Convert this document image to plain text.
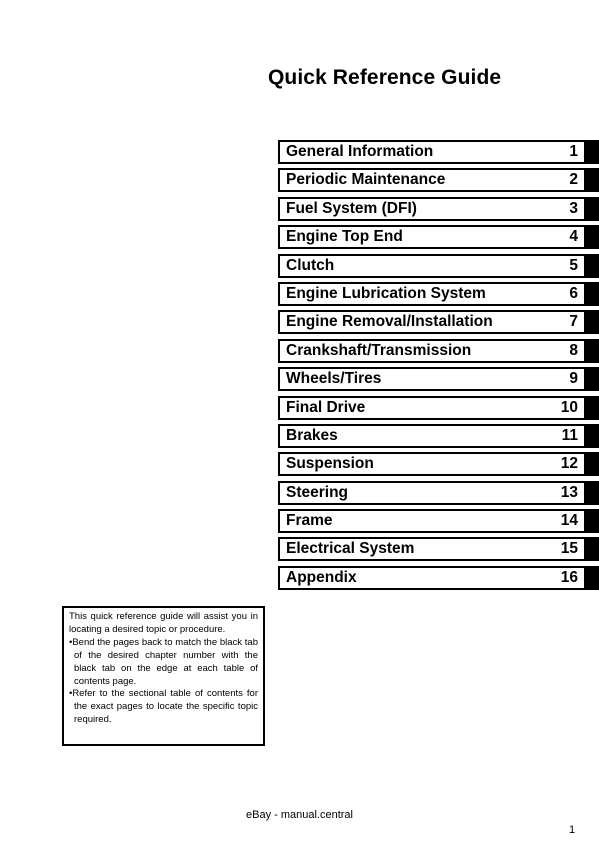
Quick Reference Guide
General Information	1
Periodic Maintenance	2
Fuel System (DFI)	3
Engine Top End	4
Clutch	5
Engine Lubrication System	6
Engine Removal/Installation	7
Crankshaft/Transmission	8
Wheels/Tires	9
Final Drive	10
Brakes	11
Suspension	12
Steering	13
Frame	14
Electrical System	15
Appendix	16

This quick reference guide will assist you in locating a desired topic or procedure.

•Bend the pages back to match the black tab of the desired chapter number with the black tab on the edge at each table of contents page.

•Refer to the sectional table of contents for the exact pages to locate the specific topic required.

eBay - manual.central
1
